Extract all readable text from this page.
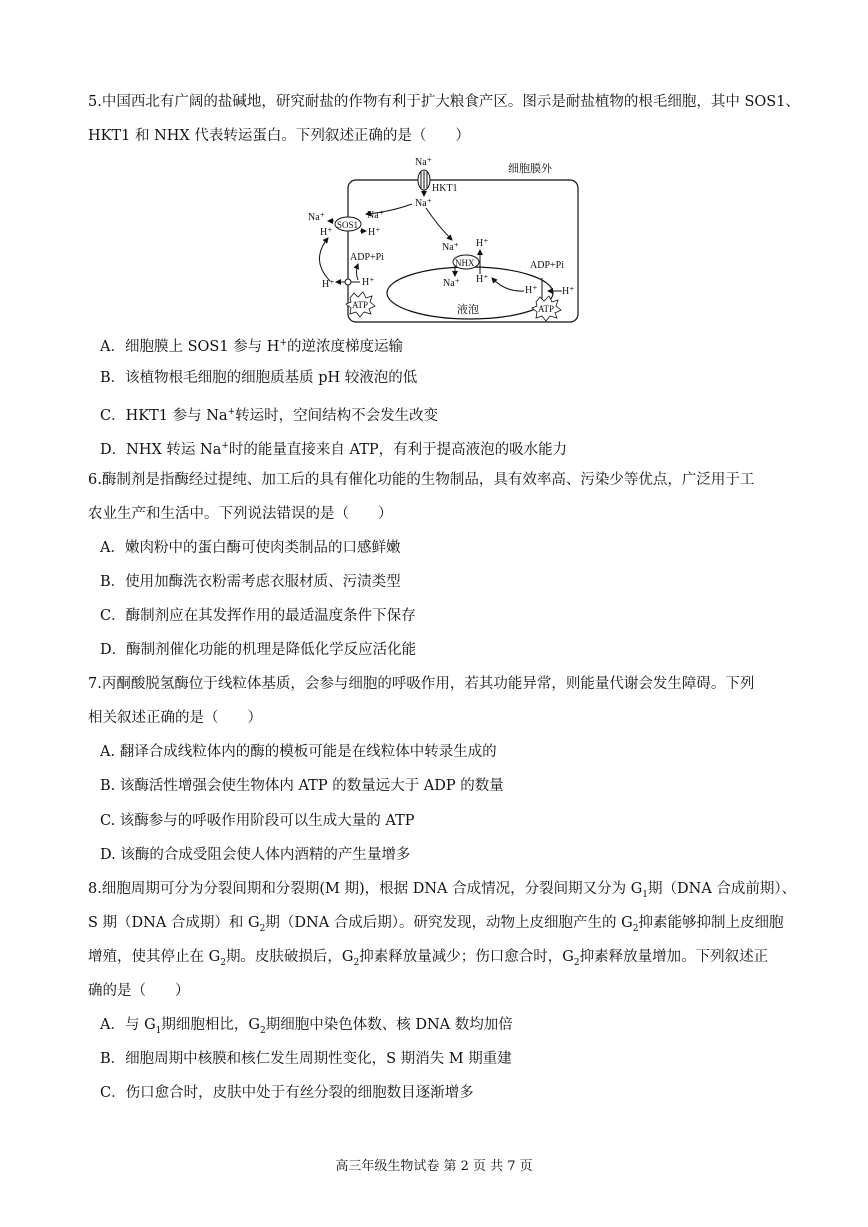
5.中国西北有广阔的盐碱地，研究耐盐的作物有利于扩大粮食产区。图示是耐盐植物的根毛细胞，其中 SOS1、
HKT1 和 NHX 代表转运蛋白。下列叙述正确的是（　　）
细胞膜外
液泡
Na⁺
HKT1
Na⁺
SOS1
Na⁺	Na⁺
H⁺	H⁺
H⁺	H⁺
ADP+Pi
ATP
Na⁺
NHX
H⁺
H⁺
Na⁺
ADP+Pi
H⁺ H⁺
ATP
A．细胞膜上 SOS1 参与 H+的逆浓度梯度运输
B．该植物根毛细胞的细胞质基质 pH 较液泡的低
C．HKT1 参与 Na+转运时，空间结构不会发生改变
D．NHX 转运 Na+时的能量直接来自 ATP，有利于提高液泡的吸水能力
6.酶制剂是指酶经过提纯、加工后的具有催化功能的生物制品，具有效率高、污染少等优点，广泛用于工
农业生产和生活中。下列说法错误的是（　　）
A．嫩肉粉中的蛋白酶可使肉类制品的口感鲜嫩
B．使用加酶洗衣粉需考虑衣服材质、污渍类型
C．酶制剂应在其发挥作用的最适温度条件下保存
D．酶制剂催化功能的机理是降低化学反应活化能
7.丙酮酸脱氢酶位于线粒体基质，会参与细胞的呼吸作用，若其功能异常，则能量代谢会发生障碍。下列
相关叙述正确的是（　　）
A. 翻译合成线粒体内的酶的模板可能是在线粒体中转录生成的
B. 该酶活性增强会使生物体内 ATP 的数量远大于 ADP 的数量
C. 该酶参与的呼吸作用阶段可以生成大量的 ATP
D. 该酶的合成受阻会使人体内酒精的产生量增多
8.细胞周期可分为分裂间期和分裂期(M 期)，根据 DNA 合成情况，分裂间期又分为 $G_1$期（DNA 合成前期）、
S 期（DNA 合成期）和 $G_2$期（DNA 合成后期）。研究发现，动物上皮细胞产生的 $G_2$抑素能够抑制上皮细胞
增殖，使其停止在 $G_2$期。皮肤破损后，$G_2$抑素释放量减少；伤口愈合时，$G_2$抑素释放量增加。下列叙述正
确的是（　　）
A．与 $G_1$期细胞相比，$G_2$期细胞中染色体数、核 DNA 数均加倍
B．细胞周期中核膜和核仁发生周期性变化，S 期消失 M 期重建
C．伤口愈合时，皮肤中处于有丝分裂的细胞数目逐渐增多
高三年级生物试卷 第 2 页 共 7 页
